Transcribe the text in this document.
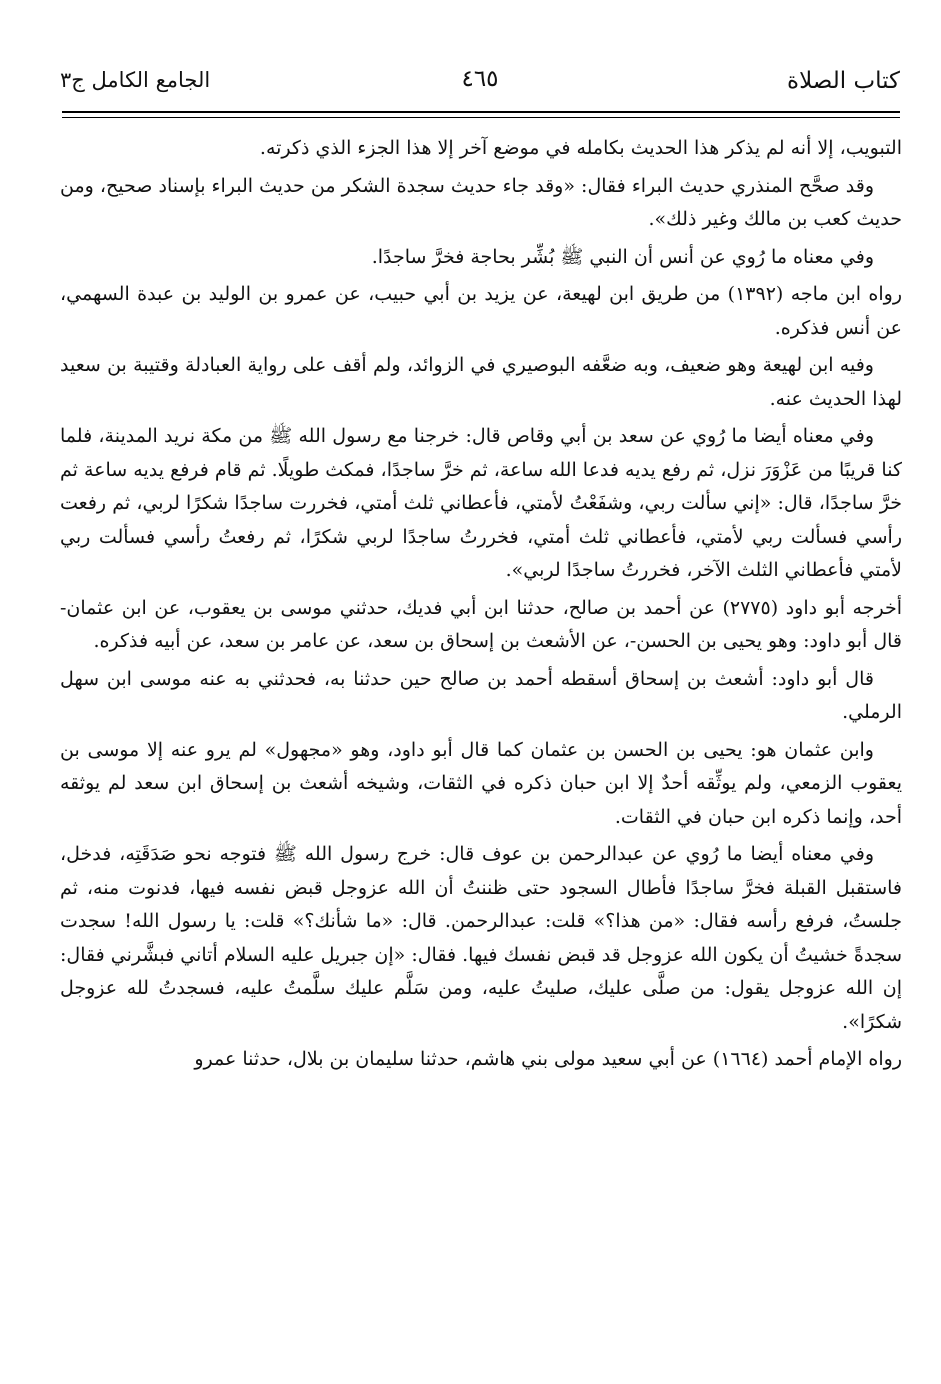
كتاب الصلاة
٤٦٥
الجامع الكامل ج٣

التبويب، إلا أنه لم يذكر هذا الحديث بكامله في موضع آخر إلا هذا الجزء الذي ذكرته.

وقد صحَّح المنذري حديث البراء فقال: «وقد جاء حديث سجدة الشكر من حديث البراء بإسناد صحيح، ومن حديث كعب بن مالك وغير ذلك».

وفي معناه ما رُوي عن أنس أن النبي ﷺ بُشِّر بحاجة فخرَّ ساجدًا.

رواه ابن ماجه (١٣٩٢) من طريق ابن لهيعة، عن يزيد بن أبي حبيب، عن عمرو بن الوليد بن عبدة السهمي، عن أنس فذكره.

وفيه ابن لهيعة وهو ضعيف، وبه ضعَّفه البوصيري في الزوائد، ولم أقف على رواية العبادلة وقتيبة بن سعيد لهذا الحديث عنه.

وفي معناه أيضا ما رُوي عن سعد بن أبي وقاص قال: خرجنا مع رسول الله ﷺ من مكة نريد المدينة، فلما كنا قريبًا من عَزْوَرَ نزل، ثم رفع يديه فدعا الله ساعة، ثم خرَّ ساجدًا، فمكث طويلًا. ثم قام فرفع يديه ساعة ثم خرَّ ساجدًا، قال: «إني سألت ربي، وشفَعْتُ لأمتي، فأعطاني ثلث أمتي، فخررت ساجدًا شكرًا لربي، ثم رفعت رأسي فسألت ربي لأمتي، فأعطاني ثلث أمتي، فخررتُ ساجدًا لربي شكرًا، ثم رفعتُ رأسي فسألت ربي لأمتي فأعطاني الثلث الآخر، فخررتُ ساجدًا لربي».

أخرجه أبو داود (٢٧٧٥) عن أحمد بن صالح، حدثنا ابن أبي فديك، حدثني موسى بن يعقوب، عن ابن عثمان- قال أبو داود: وهو يحيى بن الحسن-، عن الأشعث بن إسحاق بن سعد، عن عامر بن سعد، عن أبيه فذكره.

قال أبو داود: أشعث بن إسحاق أسقطه أحمد بن صالح حين حدثنا به، فحدثني به عنه موسى ابن سهل الرملي.

وابن عثمان هو: يحيى بن الحسن بن عثمان كما قال أبو داود، وهو «مجهول» لم يرو عنه إلا موسى بن يعقوب الزمعي، ولم يوثِّقه أحدٌ إلا ابن حبان ذكره في الثقات، وشيخه أشعث بن إسحاق ابن سعد لم يوثقه أحد، وإنما ذكره ابن حبان في الثقات.

وفي معناه أيضا ما رُوي عن عبدالرحمن بن عوف قال: خرج رسول الله ﷺ فتوجه نحو صَدَقَتِه، فدخل، فاستقبل القبلة فخرَّ ساجدًا فأطال السجود حتى ظننتُ أن الله عزوجل قبض نفسه فيها، فدنوت منه، ثم جلستُ، فرفع رأسه فقال: «من هذا؟» قلت: عبدالرحمن. قال: «ما شأنك؟» قلت: يا رسول الله! سجدت سجدةً خشيتُ أن يكون الله عزوجل قد قبض نفسك فيها. فقال: «إن جبريل عليه السلام أتاني فبشَّرني فقال: إن الله عزوجل يقول: من صلَّى عليك، صليتُ عليه، ومن سَلَّم عليك سلَّمتُ عليه، فسجدتُ لله عزوجل شكرًا».

رواه الإمام أحمد (١٦٦٤) عن أبي سعيد مولى بني هاشم، حدثنا سليمان بن بلال، حدثنا عمرو
